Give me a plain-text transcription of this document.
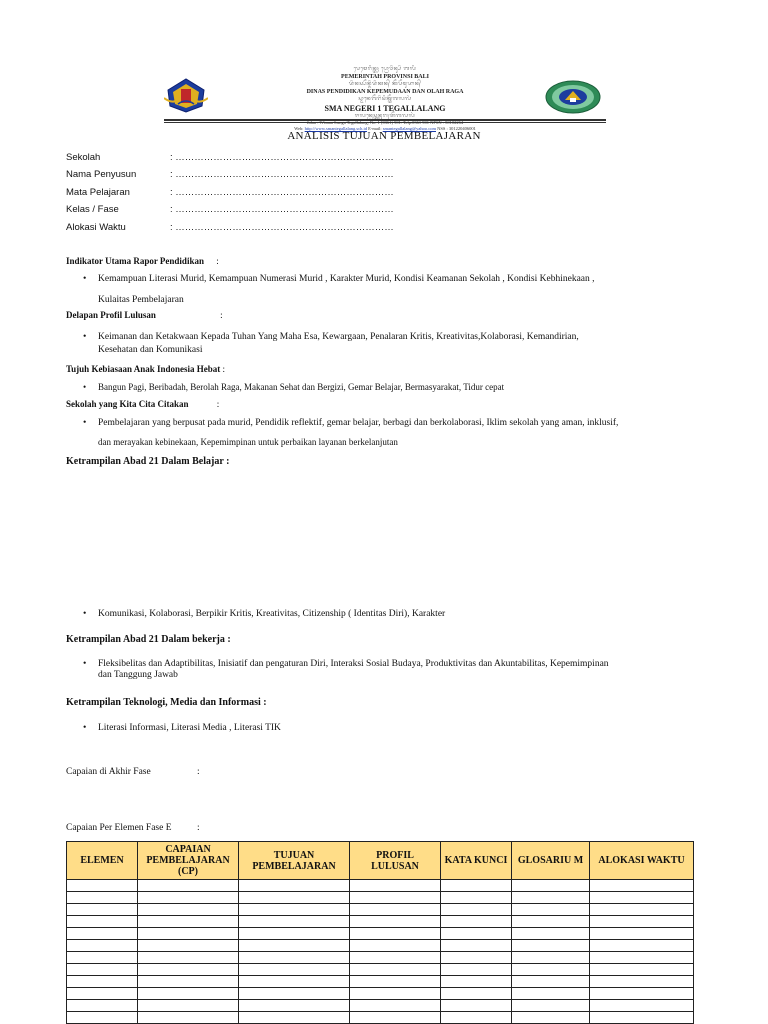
ᬧᬾᬫᬾᬭᬶᬦ᭄ᬢᬄ ᬧ᭄ᬭᭀᬯᬶᬦ᭄ᬲᬶ ᬩᬮᬶ
PEMERINTAH PROVINSI BALI
ᬤᬶᬦᬲ᭄ᬧᭂᬦ᭄ᬤᬶᬤᬶᬓᬦ᭄ ᬓᭂᬧᭂᬫᬸᬤᬵᬦ᭄
DINAS PENDIDIKAN KEPEMUDAAN DAN OLAH RAGA
ᬲ᭄ᬫᬵᬦᬾᬕᭂᬭᬶᬲᬶᬓ᭄ᬢᭂᬕᬮᬮᬂ
SMA NEGERI 1 TEGALLALANG
ᬚᬮᬦ᭄ᬯᬾᬲ᭄ᬢᬦ᭄ᬮᬸᬭᬄᬢᭂᬕᬮᬮᬂ
Web: http://www.smantegallalang.sch.id E-mail: smantegallalang@yahoo.com NSS : 301220406001
ANALISIS TUJUAN PEMBELAJARAN
Sekolah	: ……………………………………………………………
Nama Penyusun	: ……………………………………………………………
Mata Pelajaran	: ……………………………………………………………
Kelas / Fase	: ……………………………………………………………
Alokasi Waktu	: ……………………………………………………………
Indikator Utama Rapor Pendidikan :
• Kemampuan Literasi Murid, Kemampuan Numerasi Murid , Karakter Murid, Kondisi Keamanan Sekolah , Kondisi Kebhinekaan ,
Kulaitas Pembelajaran
Delapan Profil Lulusan	:
• Keimanan dan Ketakwaan Kepada Tuhan Yang Maha Esa, Kewargaan, Penalaran Kritis, Kreativitas,Kolaborasi, Kemandirian,
Kesehatan dan Komunikasi
Tujuh Kebiasaan Anak Indonesia Hebat :
• Bangun Pagi, Beribadah, Berolah Raga, Makanan Sehat dan Bergizi, Gemar Belajar, Bermasyarakat, Tidur cepat
Sekolah yang Kita Cita Citakan	:
• Pembelajaran yang berpusat pada murid, Pendidik reflektif, gemar belajar, berbagi dan berkolaborasi, Iklim sekolah yang aman, inklusif,
dan merayakan kebinekaan, Kepemimpinan untuk perbaikan layanan berkelanjutan
Ketrampilan Abad 21 Dalam Belajar :
• Komunikasi, Kolaborasi, Berpikir Kritis, Kreativitas, Citizenship ( Identitas Diri), Karakter
Ketrampilan Abad 21 Dalam bekerja :
• Fleksibelitas dan Adaptibilitas, Inisiatif dan pengaturan Diri, Interaksi Sosial Budaya, Produktivitas dan Akuntabilitas, Kepemimpinan
dan Tanggung Jawab
Ketrampilan Teknologi, Media dan Informasi :
• Literasi Informasi, Literasi Media , Literasi TIK
Capaian di Akhir Fase	:
Capaian Per Elemen Fase E	:
ELEMEN	CAPAIAN PEMBELAJARAN (CP)	TUJUAN PEMBELAJARAN	PROFIL LULUSAN	KATA KUNCI	GLOSARIU M	ALOKASI WAKTU
